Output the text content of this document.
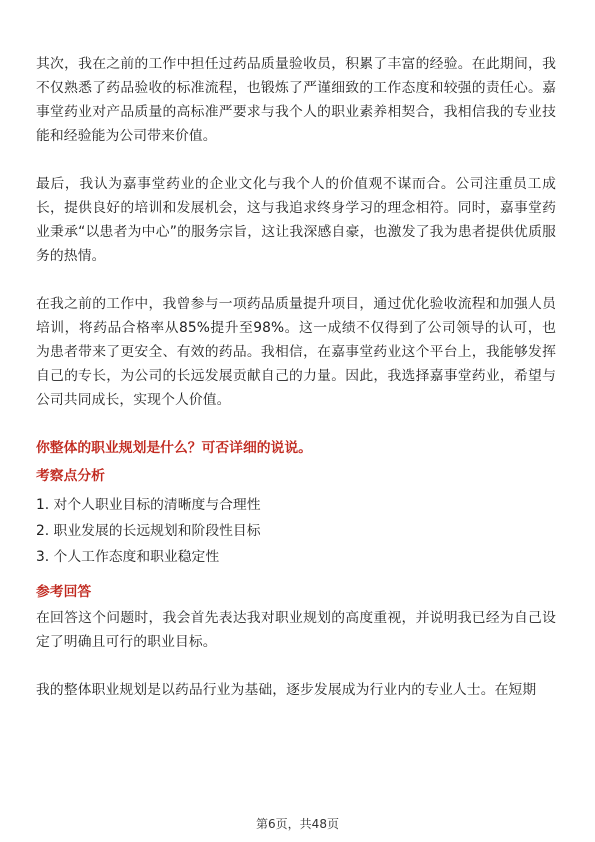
其次，我在之前的工作中担任过药品质量验收员，积累了丰富的经验。在此期间，我不仅熟悉了药品验收的标准流程，也锻炼了严谨细致的工作态度和较强的责任心。嘉事堂药业对产品质量的高标准严要求与我个人的职业素养相契合，我相信我的专业技能和经验能为公司带来价值。

最后，我认为嘉事堂药业的企业文化与我个人的价值观不谋而合。公司注重员工成长，提供良好的培训和发展机会，这与我追求终身学习的理念相符。同时，嘉事堂药业秉承“以患者为中心”的服务宗旨，这让我深感自豪，也激发了我为患者提供优质服务的热情。

在我之前的工作中，我曾参与一项药品质量提升项目，通过优化验收流程和加强人员培训，将药品合格率从85%提升至98%。这一成绩不仅得到了公司领导的认可，也为患者带来了更安全、有效的药品。我相信，在嘉事堂药业这个平台上，我能够发挥自己的专长，为公司的长远发展贡献自己的力量。因此，我选择嘉事堂药业，希望与公司共同成长，实现个人价值。

你整体的职业规划是什么？可否详细的说说。
考察点分析
1. 对个人职业目标的清晰度与合理性
2. 职业发展的长远规划和阶段性目标
3. 个人工作态度和职业稳定性
参考回答

在回答这个问题时，我会首先表达我对职业规划的高度重视，并说明我已经为自己设定了明确且可行的职业目标。

我的整体职业规划是以药品行业为基础，逐步发展成为行业内的专业人士。在短期

第6页，共48页
